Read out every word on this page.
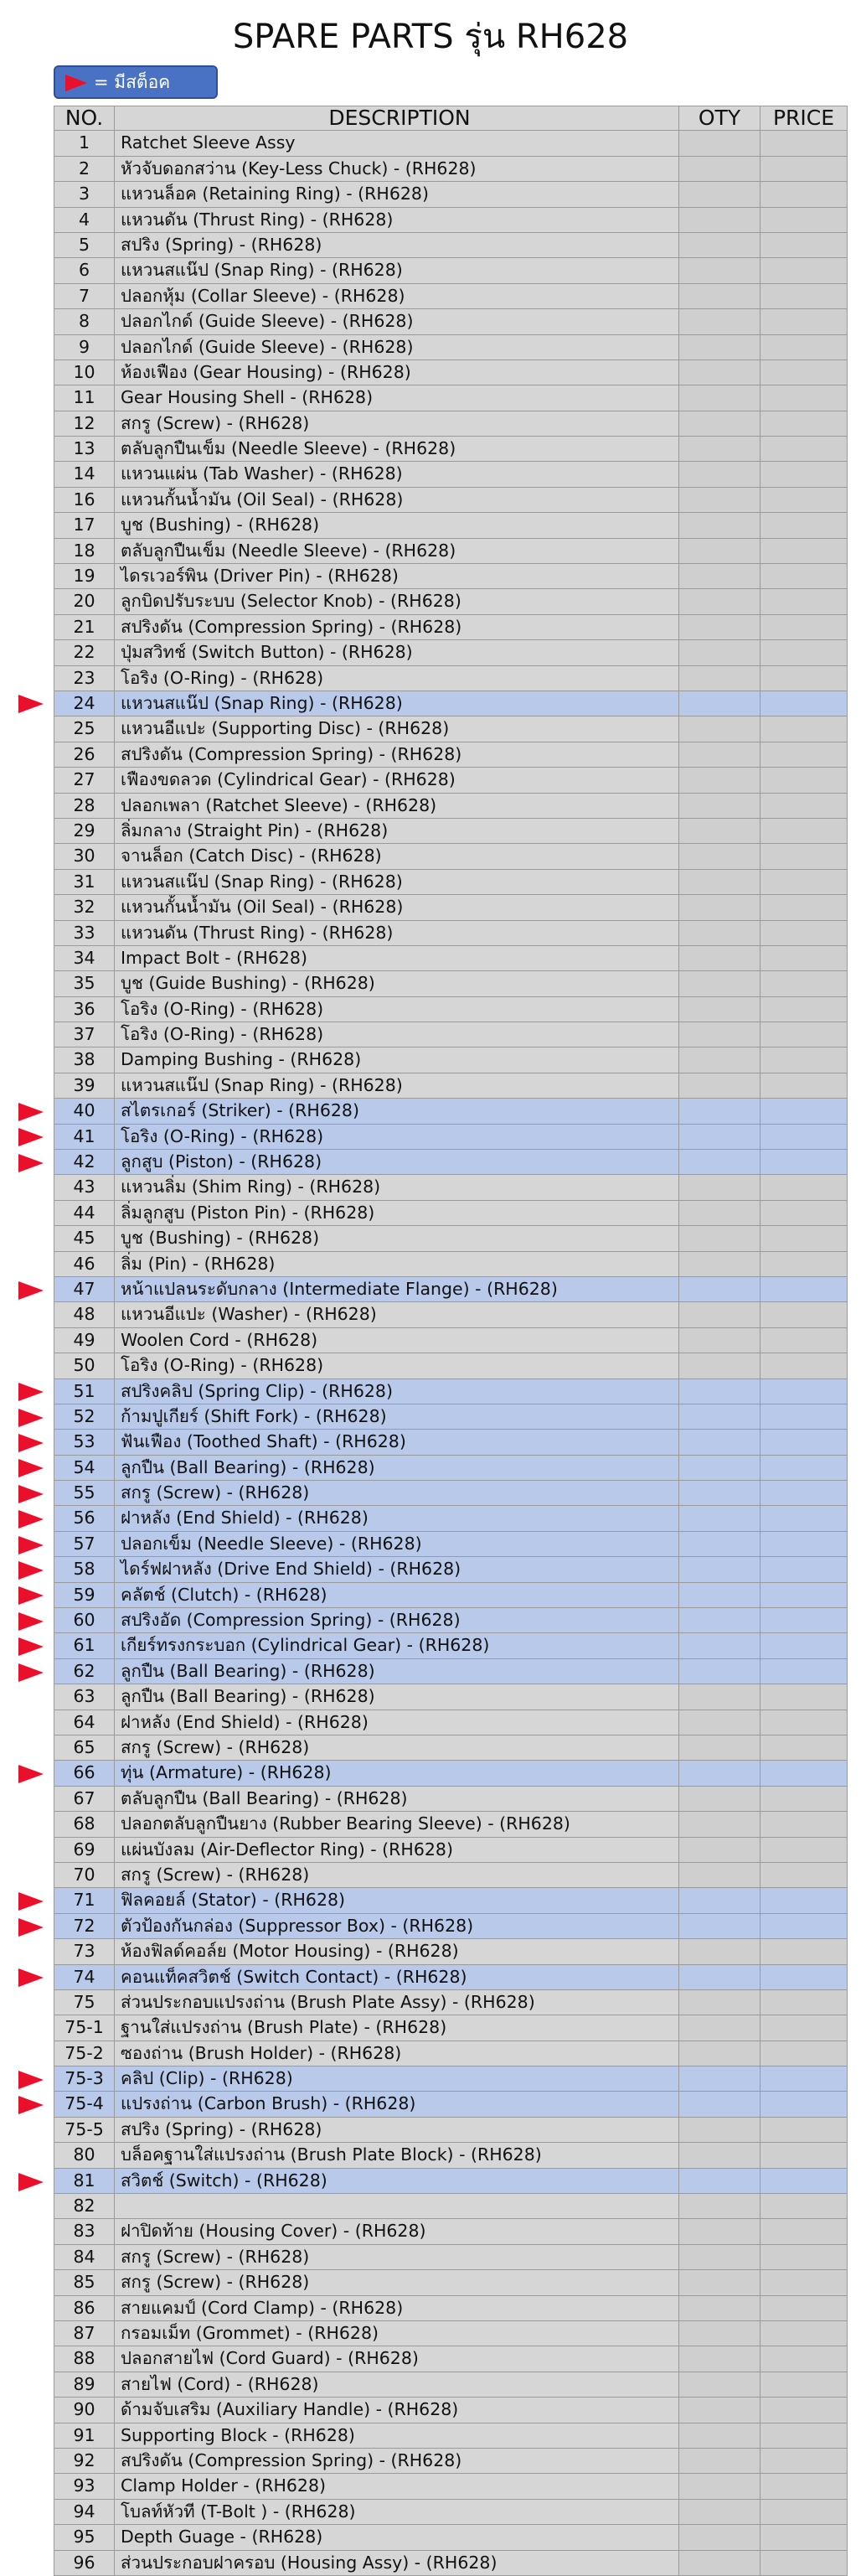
SPARE PARTS รุ่น RH628
= มีสต็อค
NO.	DESCRIPTION	OTY	PRICE
1	Ratchet Sleeve Assy
2	หัวจับดอกสว่าน (Key-Less Chuck) - (RH628)
3	แหวนล็อค (Retaining Ring) - (RH628)
4	แหวนดัน (Thrust Ring) - (RH628)
5	สปริง (Spring) - (RH628)
6	แหวนสแน๊ป (Snap Ring) - (RH628)
7	ปลอกหุ้ม (Collar Sleeve) - (RH628)
8	ปลอกไกด์ (Guide Sleeve) - (RH628)
9	ปลอกไกด์ (Guide Sleeve) - (RH628)
10	ห้องเฟือง (Gear Housing) - (RH628)
11	Gear Housing Shell - (RH628)
12	สกรู (Screw) - (RH628)
13	ตลับลูกปืนเข็ม (Needle Sleeve) - (RH628)
14	แหวนแผ่น (Tab Washer) - (RH628)
16	แหวนกั้นน้ำมัน (Oil Seal) - (RH628)
17	บูช (Bushing) - (RH628)
18	ตลับลูกปืนเข็ม (Needle Sleeve) - (RH628)
19	ไดรเวอร์พิน (Driver Pin) - (RH628)
20	ลูกบิดปรับระบบ (Selector Knob) - (RH628)
21	สปริงดัน (Compression Spring) - (RH628)
22	ปุ่มสวิทช์ (Switch Button) - (RH628)
23	โอริง (O-Ring) - (RH628)
24	แหวนสแน๊ป (Snap Ring) - (RH628)
25	แหวนอีแปะ (Supporting Disc) - (RH628)
26	สปริงดัน (Compression Spring) - (RH628)
27	เฟืองขดลวด (Cylindrical Gear) - (RH628)
28	ปลอกเพลา (Ratchet Sleeve) - (RH628)
29	ลิ่มกลาง (Straight Pin) - (RH628)
30	จานล็อก (Catch Disc) - (RH628)
31	แหวนสแน๊ป (Snap Ring) - (RH628)
32	แหวนกั้นน้ำมัน (Oil Seal) - (RH628)
33	แหวนดัน (Thrust Ring) - (RH628)
34	Impact Bolt - (RH628)
35	บูช (Guide Bushing) - (RH628)
36	โอริง (O-Ring) - (RH628)
37	โอริง (O-Ring) - (RH628)
38	Damping Bushing - (RH628)
39	แหวนสแน๊ป (Snap Ring) - (RH628)
40	สไตรเกอร์ (Striker) - (RH628)
41	โอริง (O-Ring) - (RH628)
42	ลูกสูบ (Piston) - (RH628)
43	แหวนลิ่ม (Shim Ring) - (RH628)
44	ลิ่มลูกสูบ (Piston Pin) - (RH628)
45	บูช (Bushing) - (RH628)
46	ลิ่ม (Pin) - (RH628)
47	หน้าแปลนระดับกลาง (Intermediate Flange) - (RH628)
48	แหวนอีแปะ (Washer) - (RH628)
49	Woolen Cord - (RH628)
50	โอริง (O-Ring) - (RH628)
51	สปริงคลิป (Spring Clip) - (RH628)
52	ก้ามปูเกียร์ (Shift Fork) - (RH628)
53	ฟันเฟือง (Toothed Shaft) - (RH628)
54	ลูกปืน (Ball Bearing) - (RH628)
55	สกรู (Screw) - (RH628)
56	ฝาหลัง (End Shield) - (RH628)
57	ปลอกเข็ม (Needle Sleeve) - (RH628)
58	ไดร์ฟฝาหลัง (Drive End Shield) - (RH628)
59	คลัตช์ (Clutch) - (RH628)
60	สปริงอัด (Compression Spring) - (RH628)
61	เกียร์ทรงกระบอก (Cylindrical Gear) - (RH628)
62	ลูกปืน (Ball Bearing) - (RH628)
63	ลูกปืน (Ball Bearing) - (RH628)
64	ฝาหลัง (End Shield) - (RH628)
65	สกรู (Screw) - (RH628)
66	ทุ่น (Armature) - (RH628)
67	ตลับลูกปืน (Ball Bearing) - (RH628)
68	ปลอกตลับลูกปืนยาง (Rubber Bearing Sleeve) - (RH628)
69	แผ่นบังลม (Air-Deflector Ring) - (RH628)
70	สกรู (Screw) - (RH628)
71	ฟิลคอยล์ (Stator) - (RH628)
72	ตัวป้องกันกล่อง (Suppressor Box) - (RH628)
73	ห้องฟิลด์คอล์ย (Motor Housing) - (RH628)
74	คอนแท็คสวิตช์ (Switch Contact) - (RH628)
75	ส่วนประกอบแปรงถ่าน (Brush Plate Assy) - (RH628)
75-1 ฐานใส่แปรงถ่าน (Brush Plate) - (RH628)
75-2 ซองถ่าน (Brush Holder) - (RH628)
75-3 คลิป (Clip) - (RH628)
75-4 แปรงถ่าน (Carbon Brush) - (RH628)
75-5 สปริง (Spring) - (RH628)
80	บล็อคฐานใส่แปรงถ่าน (Brush Plate Block) - (RH628)
81	สวิตช์ (Switch) - (RH628)
82
83	ฝาปิดท้าย (Housing Cover) - (RH628)
84	สกรู (Screw) - (RH628)
85	สกรู (Screw) - (RH628)
86	สายแคมป์ (Cord Clamp) - (RH628)
87	กรอมเม็ท (Grommet) - (RH628)
88	ปลอกสายไฟ (Cord Guard) - (RH628)
89	สายไฟ (Cord) - (RH628)
90	ด้ามจับเสริม (Auxiliary Handle) - (RH628)
91	Supporting Block - (RH628)
92	สปริงดัน (Compression Spring) - (RH628)
93	Clamp Holder - (RH628)
94	โบลท์หัวที (T-Bolt ) - (RH628)
95	Depth Guage - (RH628)
96	ส่วนประกอบฝาครอบ (Housing Assy) - (RH628)
